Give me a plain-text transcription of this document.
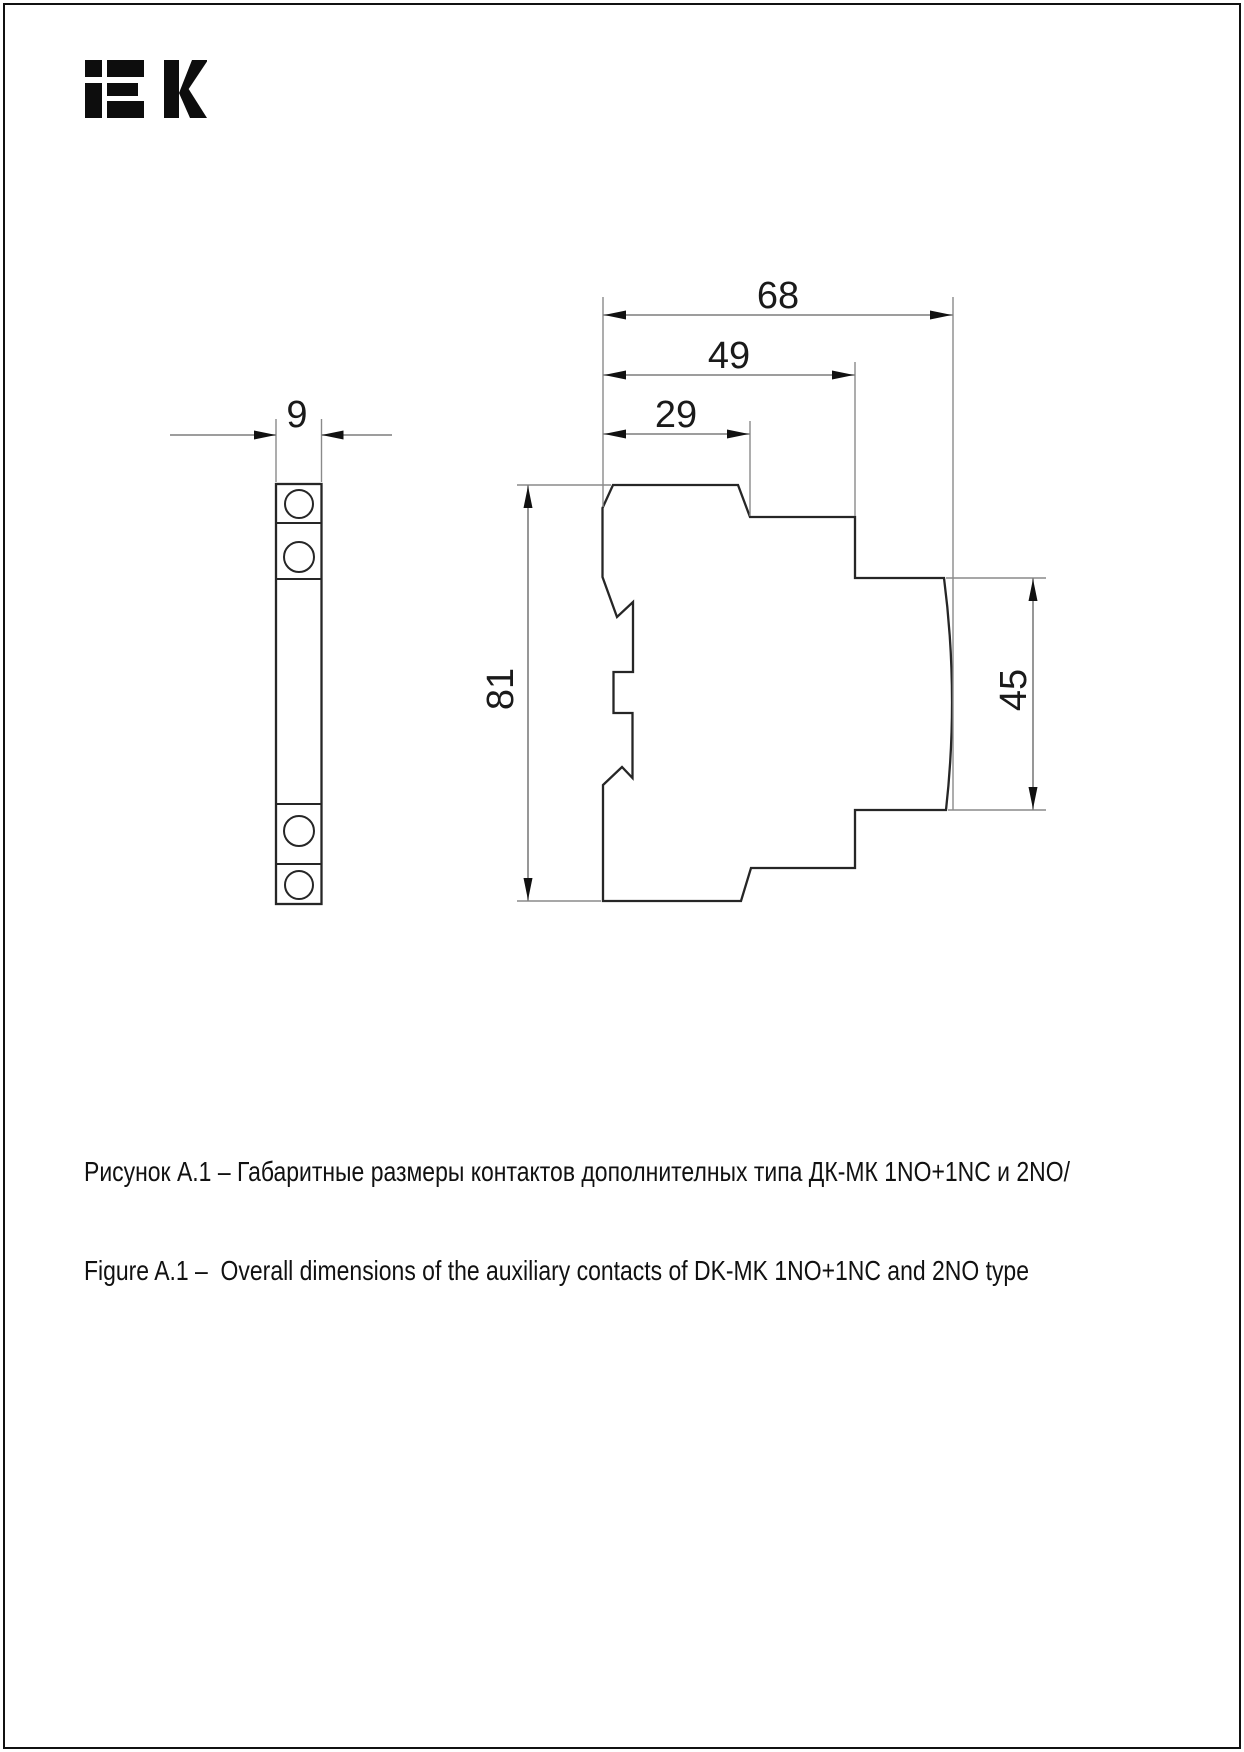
9
68
49
29
81	45

Рисунок А.1 – Габаритные размеры контактов дополнителных типа ДК-МК 1NO+1NC и 2NO/

Figure A.1 –  Overall dimensions of the auxiliary contacts of DK-MK 1NO+1NC and 2NO type
